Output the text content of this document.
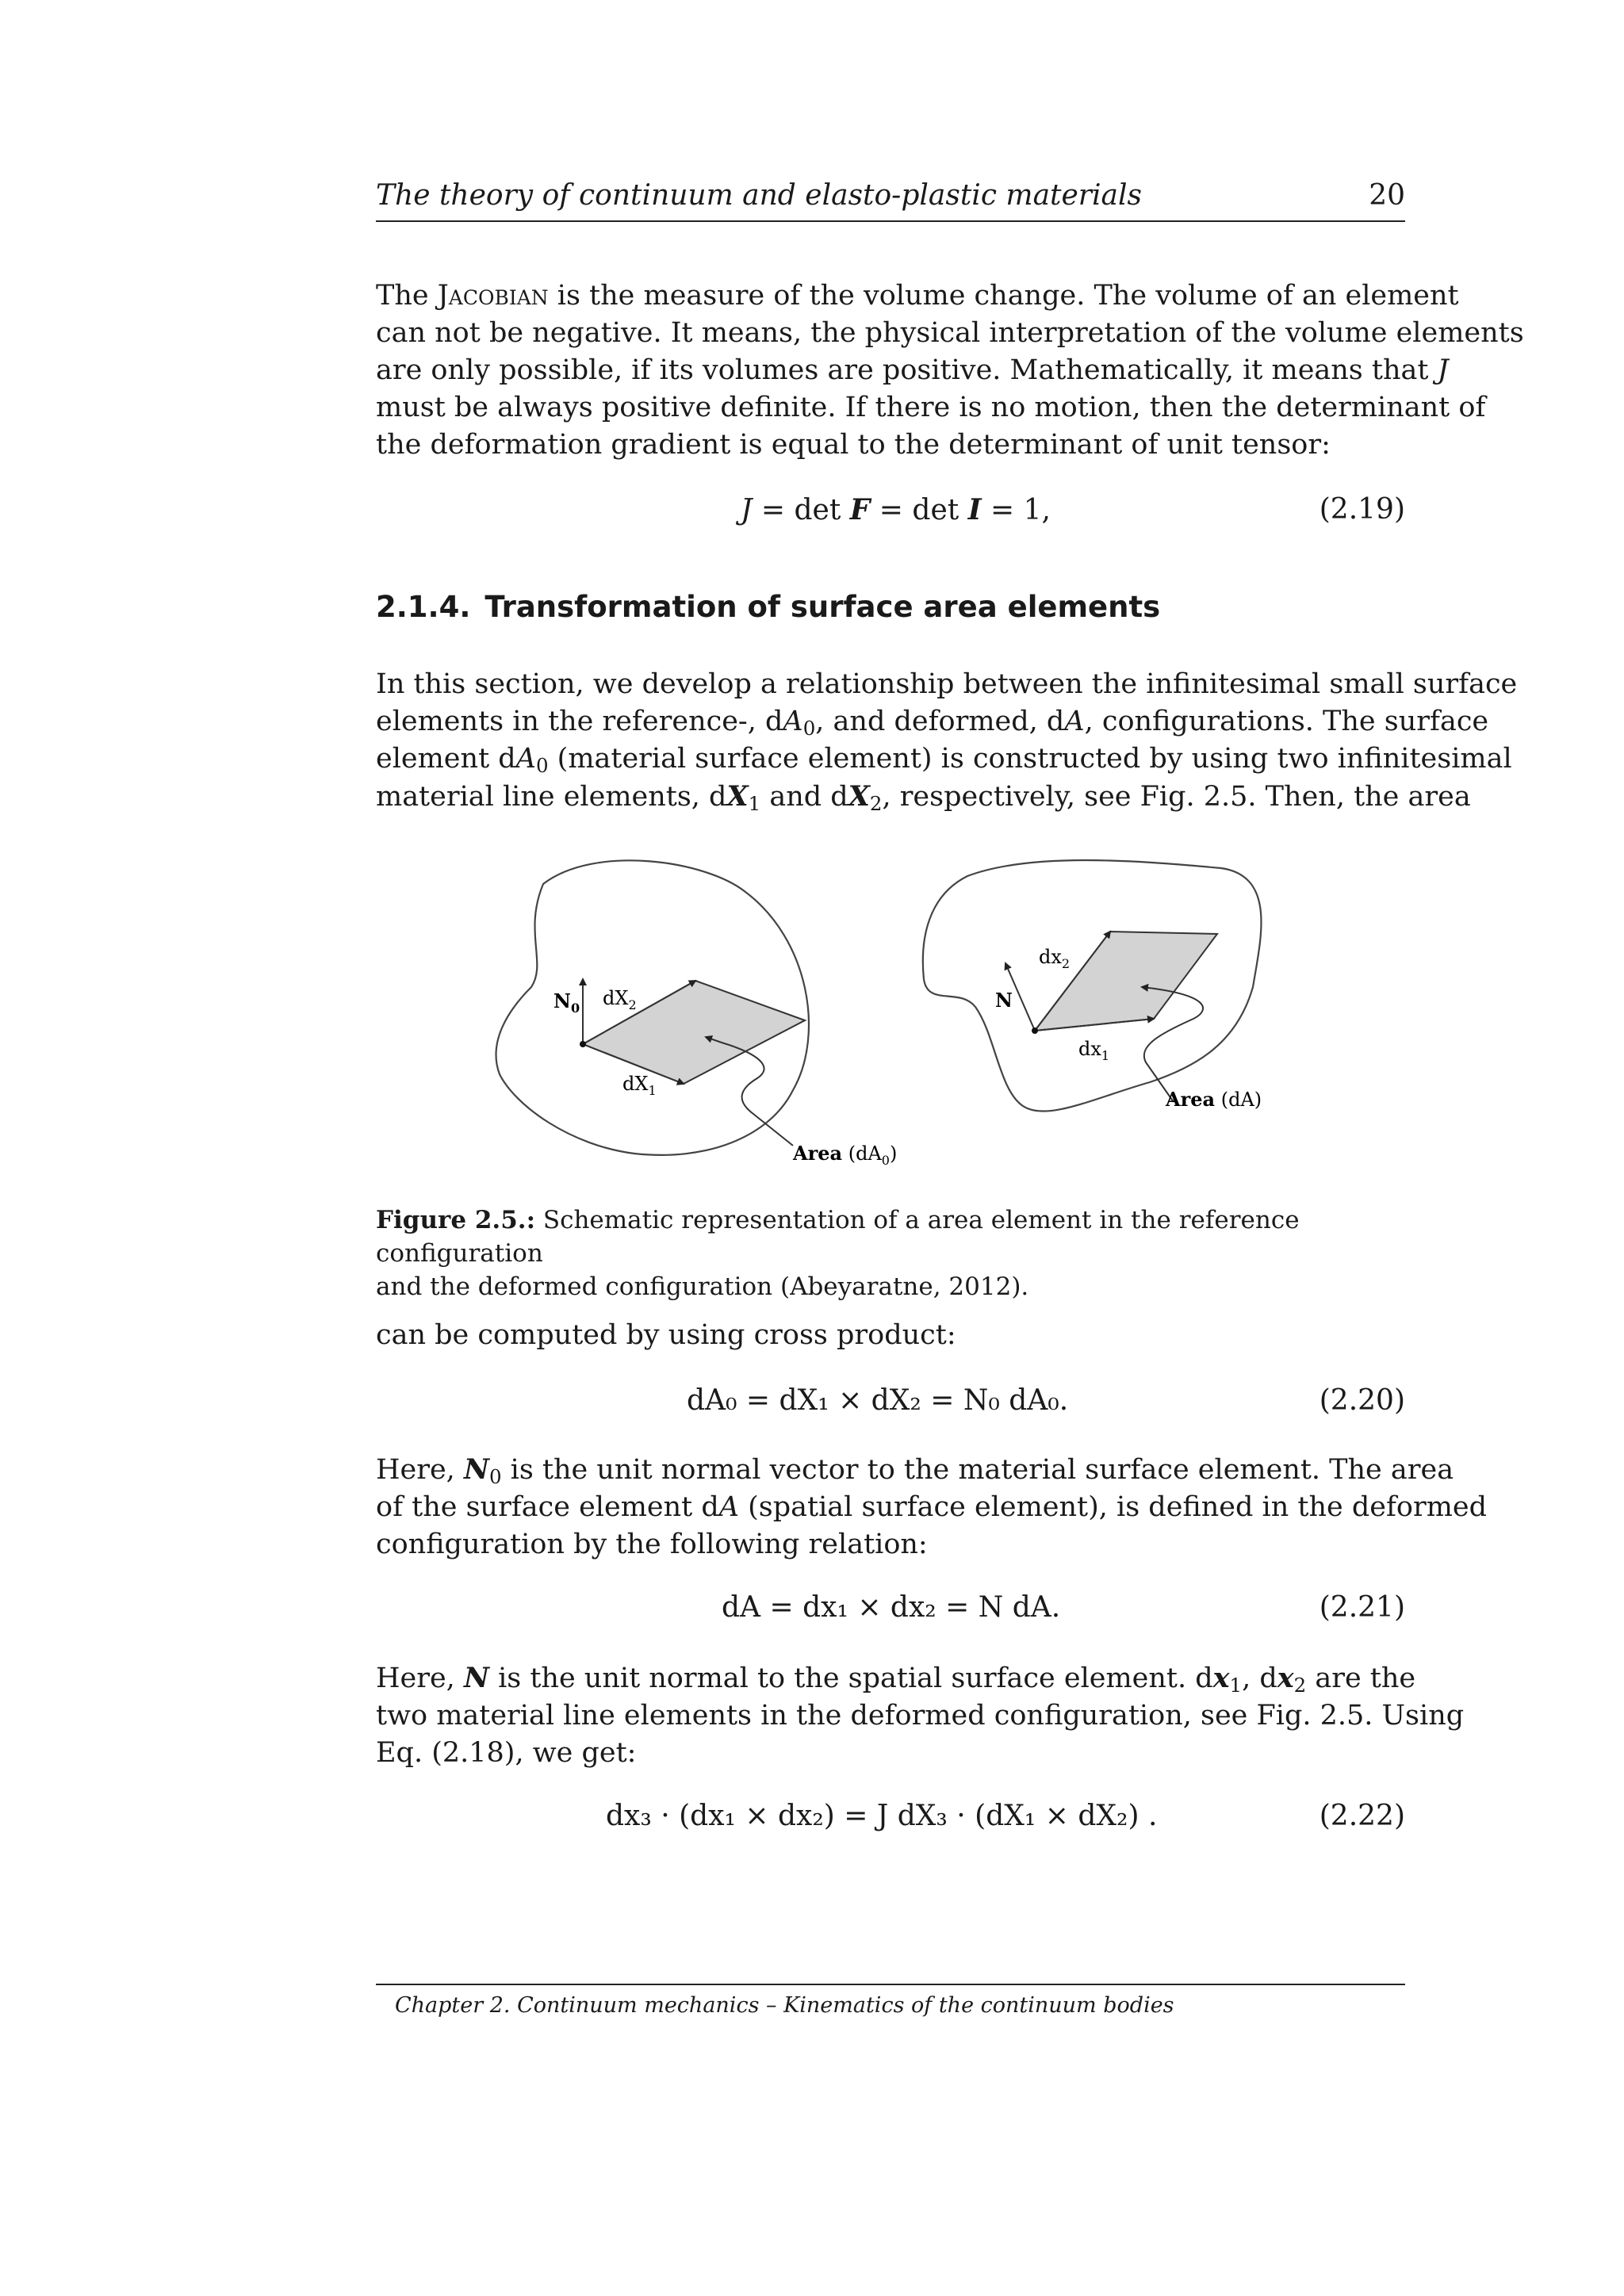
The theory of continuum and elasto-plastic materials	20
The Jacobian is the measure of the volume change. The volume of an element
can not be negative. It means, the physical interpretation of the volume elements
are only possible, if its volumes are positive. Mathematically, it means that J
must be always positive definite. If there is no motion, then the determinant of
the deformation gradient is equal to the determinant of unit tensor:
J = det F = det I = 1,	(2.19)
2.1.4. Transformation of surface area elements
In this section, we develop a relationship between the infinitesimal small surface
elements in the reference-, $dA_0$, and deformed, dA, configurations. The surface
element $dA_0$ (material surface element) is constructed by using two infinitesimal
material line elements, $dX_1$ and $dX_2$, respectively, see Fig. 2.5. Then, the area
$N_0$ $dX_2$
$dX_1$
Area $(dA_0)$
N
$dx_2$
$dx_1$
Area (dA)
Figure 2.5.: Schematic representation of a area element in the reference configuration
and the deformed configuration (Abeyaratne, 2012).
can be computed by using cross product:
dA₀ = dX₁ × dX₂ = N₀ dA₀.	(2.20)
Here, $N_0$ is the unit normal vector to the material surface element. The area
of the surface element dA (spatial surface element), is defined in the deformed
configuration by the following relation:
dA = dx₁ × dx₂ = N dA.	(2.21)
Here, N is the unit normal to the spatial surface element. $dx_1$, $dx_2$ are the
two material line elements in the deformed configuration, see Fig. 2.5. Using
Eq. (2.18), we get:
dx₃ · (dx₁ × dx₂) = J dX₃ · (dX₁ × dX₂) .	(2.22)
Chapter 2. Continuum mechanics – Kinematics of the continuum bodies
